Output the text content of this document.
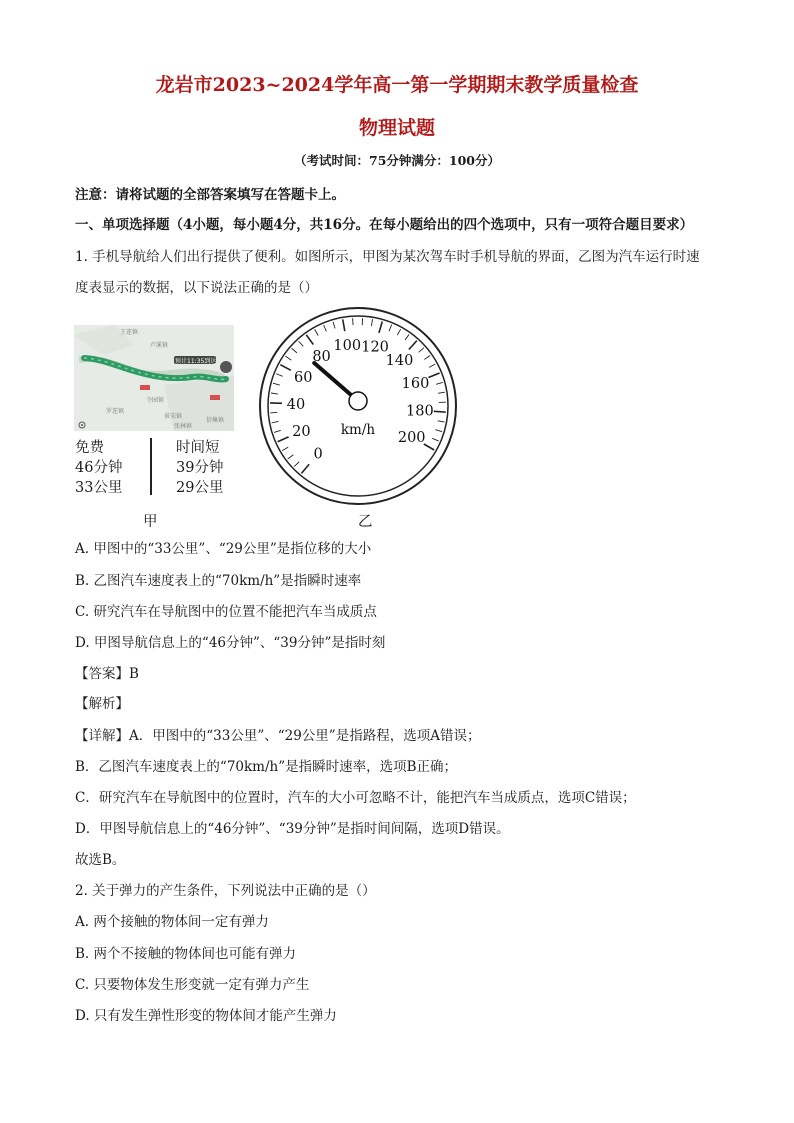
龙岩市2023~2024学年高一第一学期期末教学质量检查
物理试题
（考试时间：75分钟满分：100分）
注意：请将试题的全部答案填写在答题卡上。
一、单项选择题（4小题，每小题4分，共16分。在每小题给出的四个选项中，只有一项符合题目要求）
1. 手机导航给人们出行提供了便利。如图所示，甲图为某次驾车时手机导航的界面，乙图为汽车运行时速
度表显示的数据，以下说法正确的是（）
王连镇
卢溪镇
预计11:35到达
寺园镇
景宋镇
张林镇
信集镇
罗连镇
免费
46分钟
33公里
时间短
39分钟
29公里
甲
0
20
40
60
80
100 120
140
160
180
200
km/h
乙
A. 甲图中的“33公里”、“29公里”是指位移的大小
B. 乙图汽车速度表上的“70km/h”是指瞬时速率
C. 研究汽车在导航图中的位置不能把汽车当成质点
D. 甲图导航信息上的“46分钟”、“39分钟”是指时刻
【答案】B
【解析】
【详解】A．甲图中的“33公里”、“29公里”是指路程，选项A错误；
B．乙图汽车速度表上的“70km/h”是指瞬时速率，选项B正确；
C．研究汽车在导航图中的位置时，汽车的大小可忽略不计，能把汽车当成质点，选项C错误；
D．甲图导航信息上的“46分钟”、“39分钟”是指时间间隔，选项D错误。
故选B。
2. 关于弹力的产生条件，下列说法中正确的是（）
A. 两个接触的物体间一定有弹力
B. 两个不接触的物体间也可能有弹力
C. 只要物体发生形变就一定有弹力产生
D. 只有发生弹性形变的物体间才能产生弹力
